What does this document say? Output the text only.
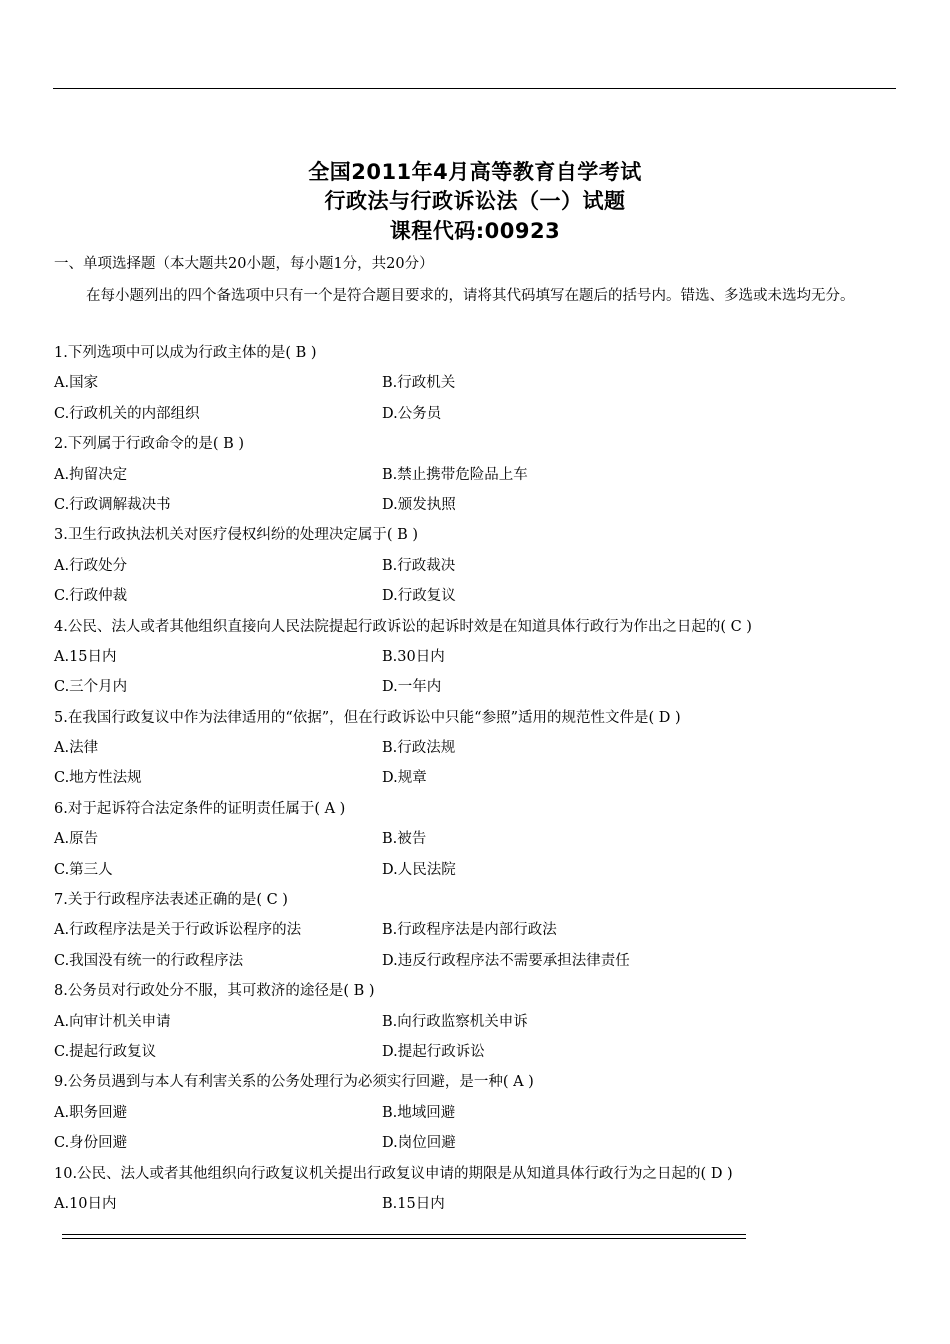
全国2011年4月高等教育自学考试
行政法与行政诉讼法（一）试题
课程代码:00923
一、单项选择题（本大题共20小题，每小题1分，共20分）
在每小题列出的四个备选项中只有一个是符合题目要求的，请将其代码填写在题后的括号内。错选、多选或未选均无分。
1.下列选项中可以成为行政主体的是( B )
A.国家	B.行政机关
C.行政机关的内部组织	D.公务员
2.下列属于行政命令的是( B )
A.拘留决定	B.禁止携带危险品上车
C.行政调解裁决书	D.颁发执照
3.卫生行政执法机关对医疗侵权纠纷的处理决定属于( B )
A.行政处分	B.行政裁决
C.行政仲裁	D.行政复议
4.公民、法人或者其他组织直接向人民法院提起行政诉讼的起诉时效是在知道具体行政行为作出之日起的( C )
A.15日内	B.30日内
C.三个月内	D.一年内
5.在我国行政复议中作为法律适用的“依据”，但在行政诉讼中只能“参照”适用的规范性文件是( D )
A.法律	B.行政法规
C.地方性法规	D.规章
6.对于起诉符合法定条件的证明责任属于( A )
A.原告	B.被告
C.第三人	D.人民法院
7.关于行政程序法表述正确的是( C )
A.行政程序法是关于行政诉讼程序的法	B.行政程序法是内部行政法
C.我国没有统一的行政程序法	D.违反行政程序法不需要承担法律责任
8.公务员对行政处分不服，其可救济的途径是( B )
A.向审计机关申请	B.向行政监察机关申诉
C.提起行政复议	D.提起行政诉讼
9.公务员遇到与本人有利害关系的公务处理行为必须实行回避，是一种( A )
A.职务回避	B.地域回避
C.身份回避	D.岗位回避
10.公民、法人或者其他组织向行政复议机关提出行政复议申请的期限是从知道具体行政行为之日起的( D )
A.10日内	B.15日内
